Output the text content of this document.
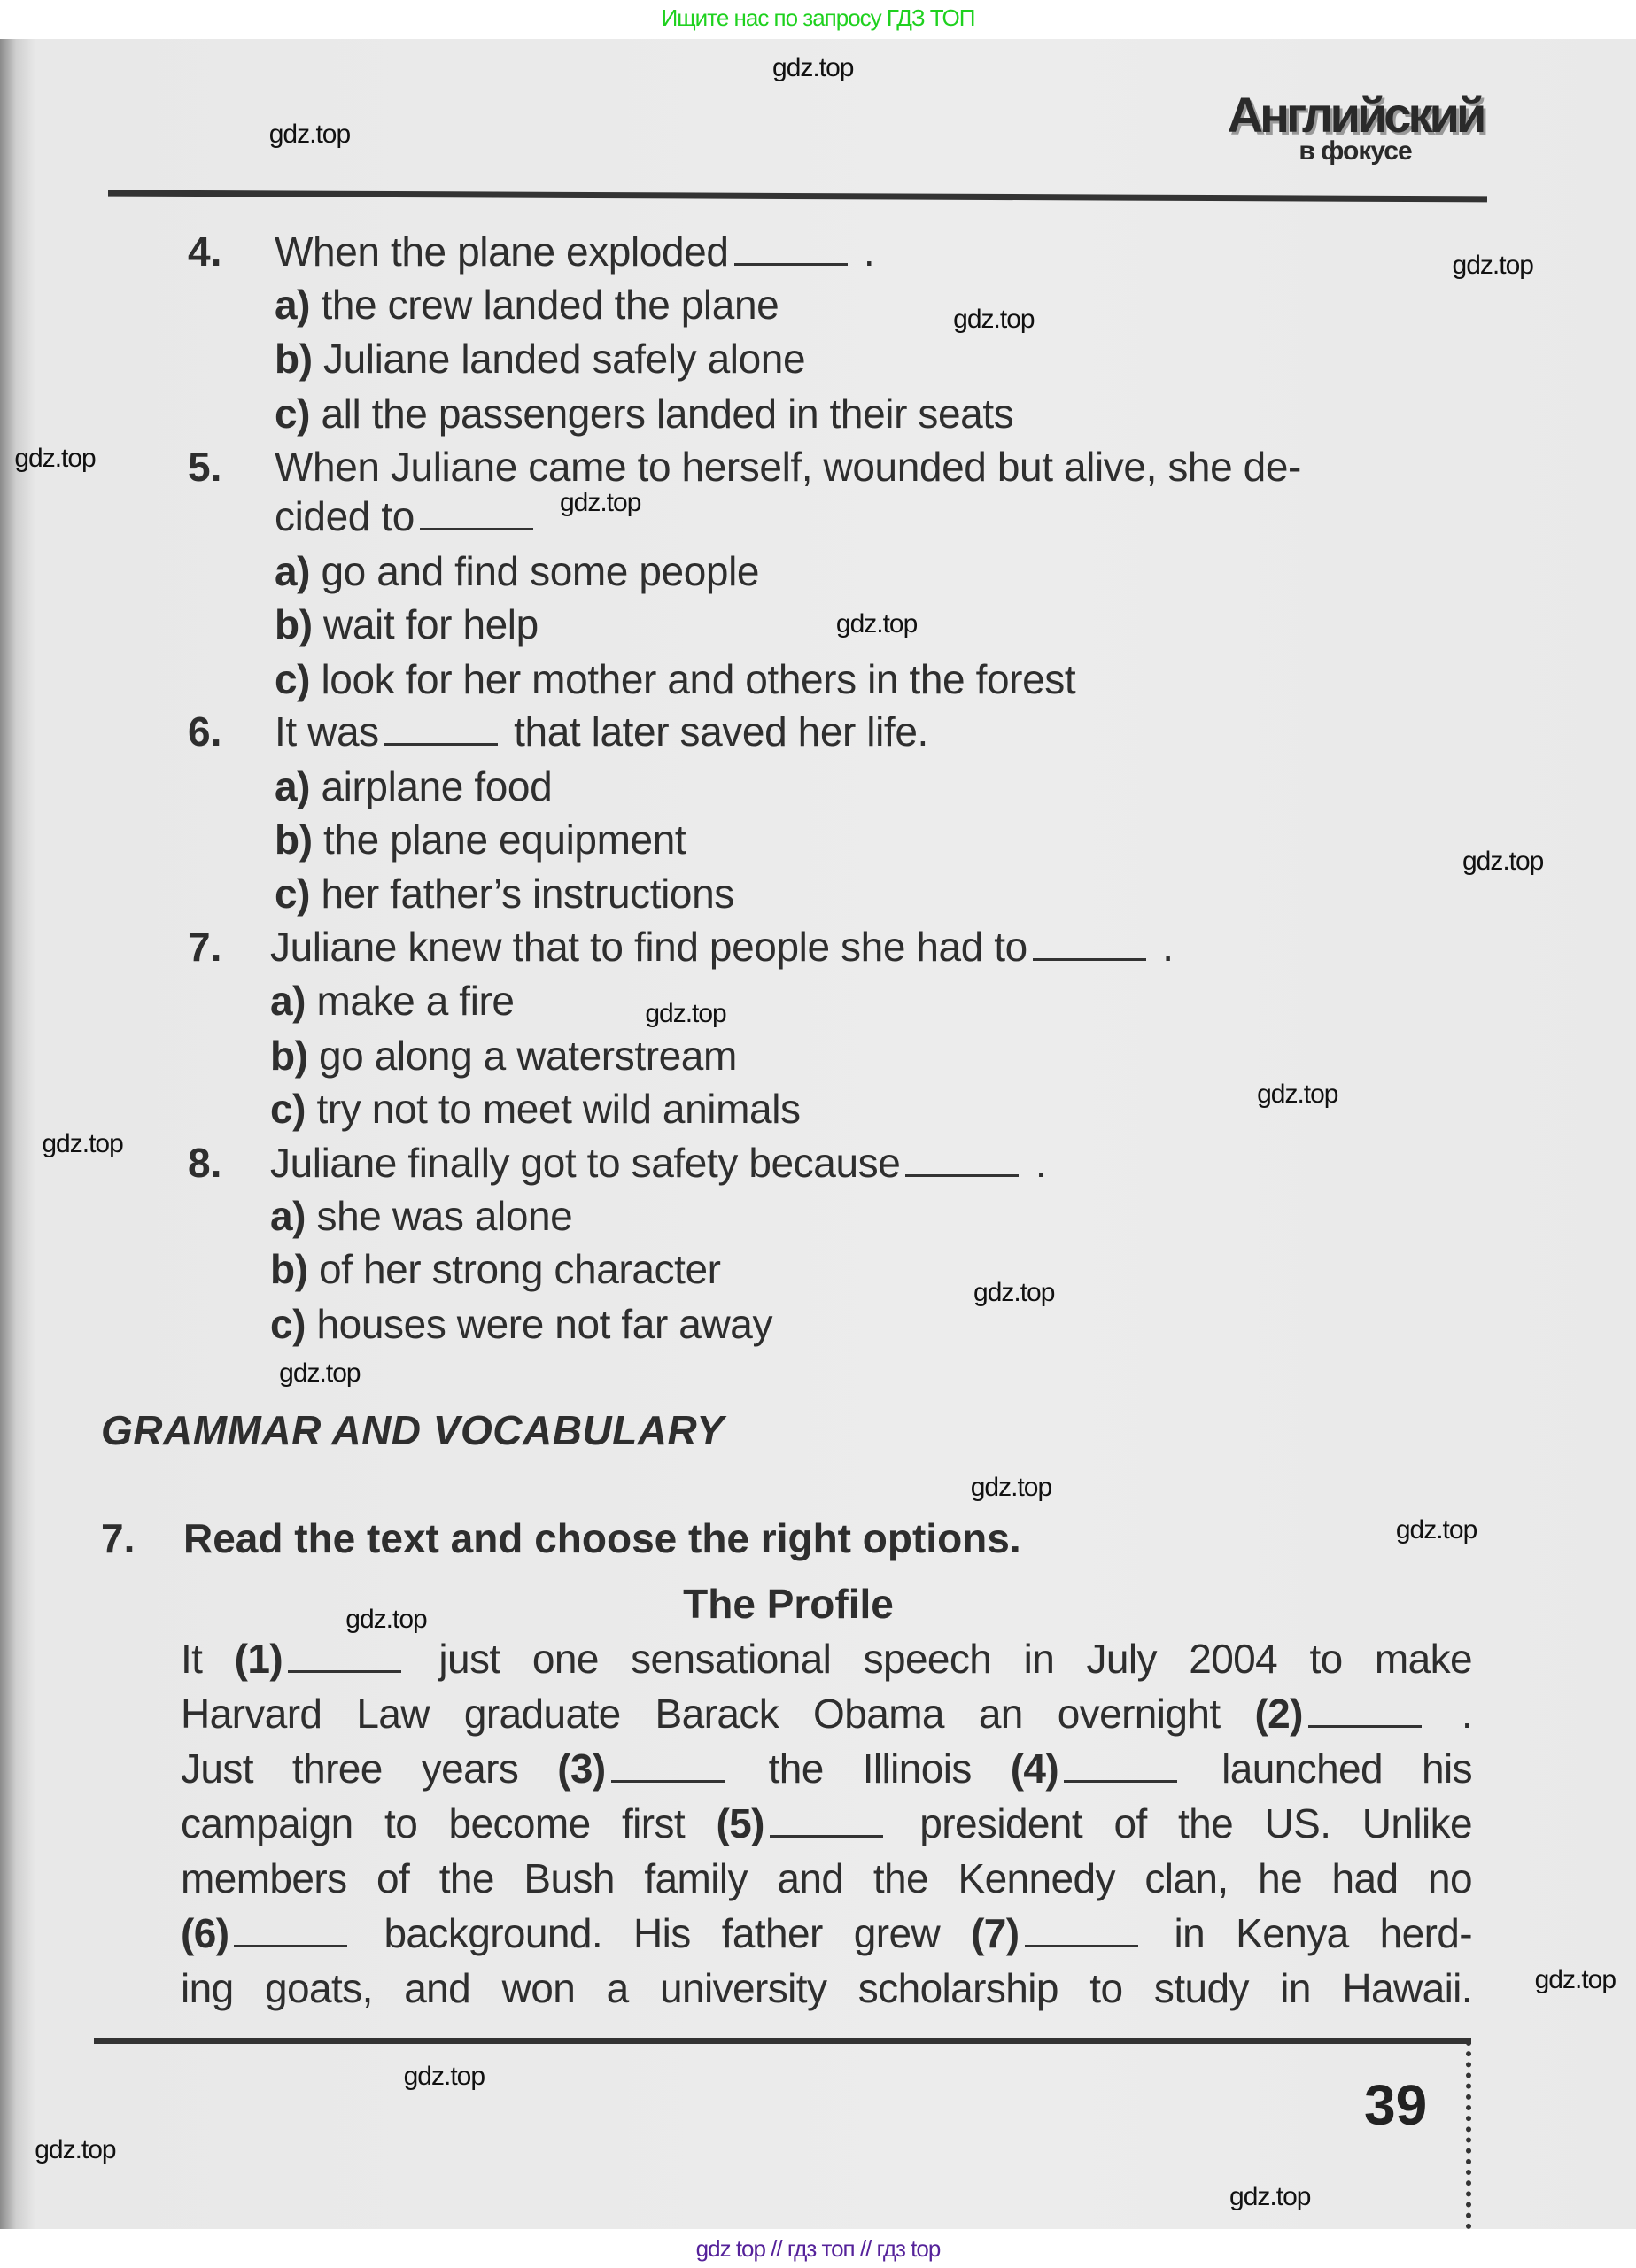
Ищите нас по запросу ГДЗ ТОП
gdz top // гдз топ // гдз top
Английский
в фокусе
4. When the plane exploded	.
a) the crew landed the plane
b) Juliane landed safely alone
c) all the passengers landed in their seats
5. When Juliane came to herself, wounded but alive, she de-
cided to
a) go and find some people
b) wait for help
c) look for her mother and others in the forest
6. It was	that later saved her life.
a) airplane food
b) the plane equipment
c) her father’s instructions
7. Juliane knew that to find people she had to	.
a) make a fire
b) go along a waterstream
c) try not to meet wild animals
8. Juliane finally got to safety because	.
a) she was alone
b) of her strong character
c) houses were not far away
GRAMMAR AND VOCABULARY
7. Read the text and choose the right options.
The Profile
It (1)	just one sensational speech in July 2004 to make
Harvard Law graduate Barack Obama an overnight (2)	.
Just three years (3)	the Illinois (4)	launched his
campaign to become first (5)	president of the US. Unlike
members of the Bush family and the Kennedy clan, he had no
(6)	background. His father grew (7)	in Kenya herd-
ing goats, and won a university scholarship to study in Hawaii.
39
gdz.top
gdz.top
gdz.top
gdz.top
gdz.top
gdz.top
gdz.top
gdz.top
gdz.top
gdz.top
gdz.top
gdz.top
gdz.top
gdz.top
gdz.top
gdz.top
gdz.top
gdz.top
gdz.top
gdz.top
